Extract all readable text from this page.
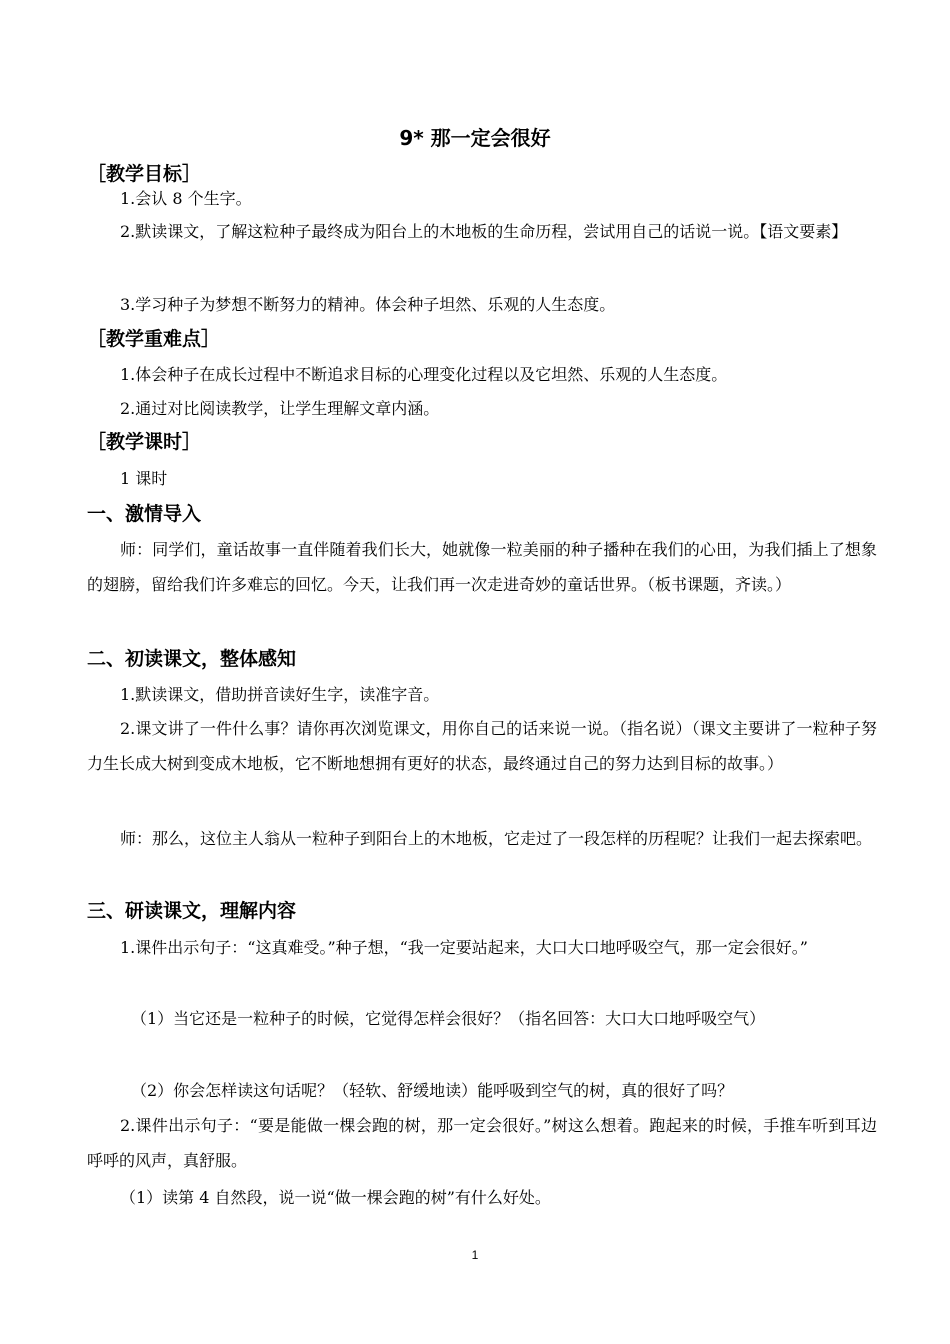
9* 那一定会很好
［教学目标］

1.会认 8 个生字。

2.默读课文，了解这粒种子最终成为阳台上的木地板的生命历程，尝试用自己的话说一说。【语文要素】

3.学习种子为梦想不断努力的精神。体会种子坦然、乐观的人生态度。

［教学重难点］

1.体会种子在成长过程中不断追求目标的心理变化过程以及它坦然、乐观的人生态度。

2.通过对比阅读教学，让学生理解文章内涵。

［教学课时］

1 课时

一、激情导入

师：同学们，童话故事一直伴随着我们长大，她就像一粒美丽的种子播种在我们的心田，为我们插上了想象的翅膀，留给我们许多难忘的回忆。今天，让我们再一次走进奇妙的童话世界。（板书课题，齐读。）

二、初读课文，整体感知

1.默读课文，借助拼音读好生字，读准字音。

2.课文讲了一件什么事？请你再次浏览课文，用你自己的话来说一说。（指名说）（课文主要讲了一粒种子努力生长成大树到变成木地板，它不断地想拥有更好的状态，最终通过自己的努力达到目标的故事。）

师：那么，这位主人翁从一粒种子到阳台上的木地板，它走过了一段怎样的历程呢？让我们一起去探索吧。

三、研读课文，理解内容

1.课件出示句子：“这真难受。”种子想，“我一定要站起来，大口大口地呼吸空气，那一定会很好。”

（1）当它还是一粒种子的时候，它觉得怎样会很好？（指名回答：大口大口地呼吸空气）

（2）你会怎样读这句话呢？（轻软、舒缓地读）能呼吸到空气的树，真的很好了吗？

2.课件出示句子：“要是能做一棵会跑的树，那一定会很好。”树这么想着。跑起来的时候，手推车听到耳边呼呼的风声，真舒服。

（1）读第 4 自然段，说一说“做一棵会跑的树”有什么好处。

1
